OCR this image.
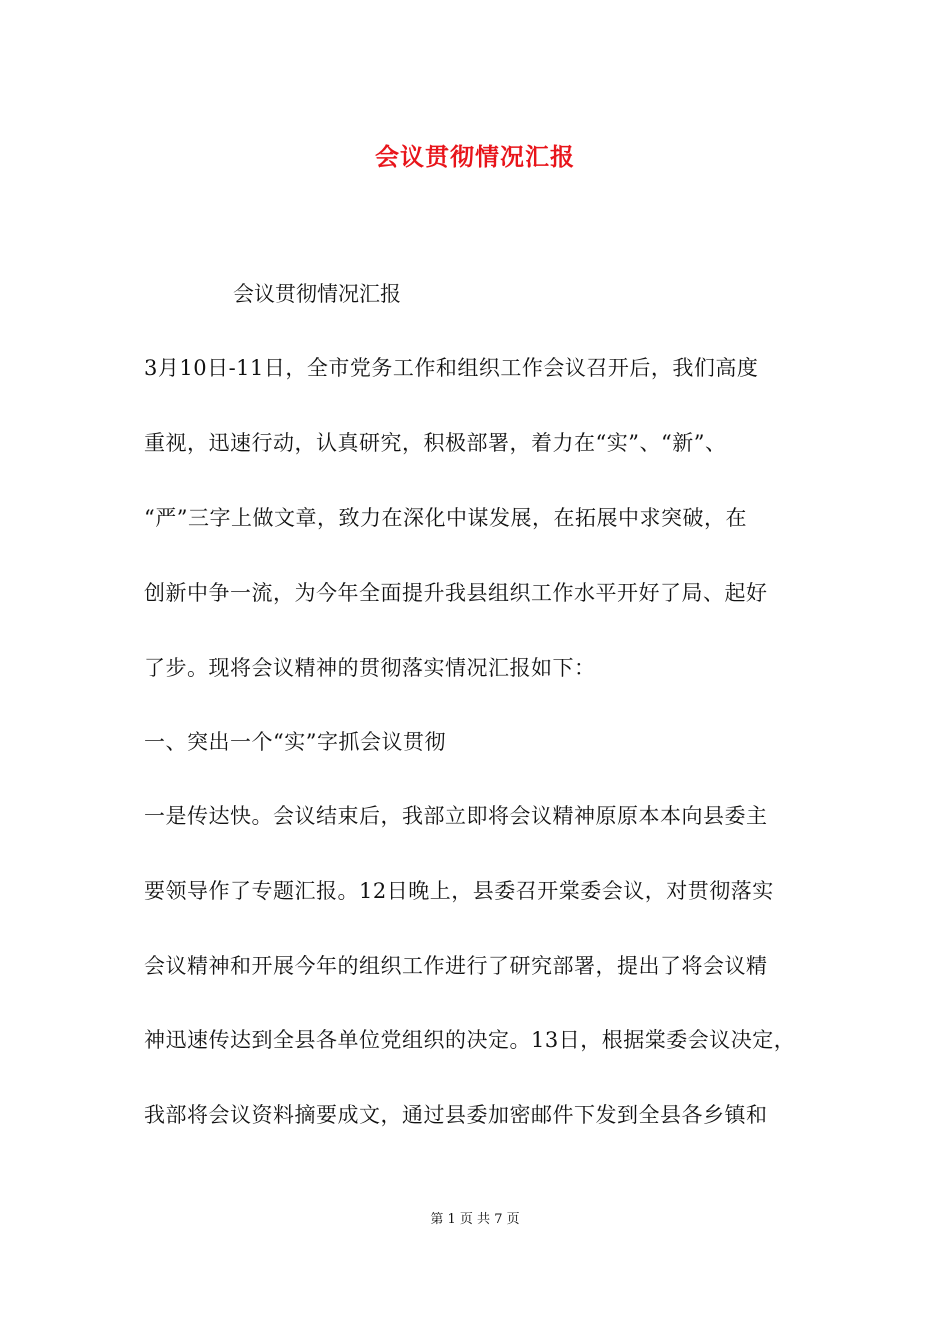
会议贯彻情况汇报
会议贯彻情况汇报
3月10日-11日，全市党务工作和组织工作会议召开后，我们高度
重视，迅速行动，认真研究，积极部署，着力在“实”、“新”、
“严”三字上做文章，致力在深化中谋发展，在拓展中求突破，在
创新中争一流，为今年全面提升我县组织工作水平开好了局、起好
了步。现将会议精神的贯彻落实情况汇报如下：
一、突出一个“实”字抓会议贯彻
一是传达快。会议结束后，我部立即将会议精神原原本本向县委主
要领导作了专题汇报。12日晚上，县委召开棠委会议，对贯彻落实
会议精神和开展今年的组织工作进行了研究部署，提出了将会议精
神迅速传达到全县各单位党组织的决定。13日，根据棠委会议决定，
我部将会议资料摘要成文，通过县委加密邮件下发到全县各乡镇和
第 1 页 共 7 页
